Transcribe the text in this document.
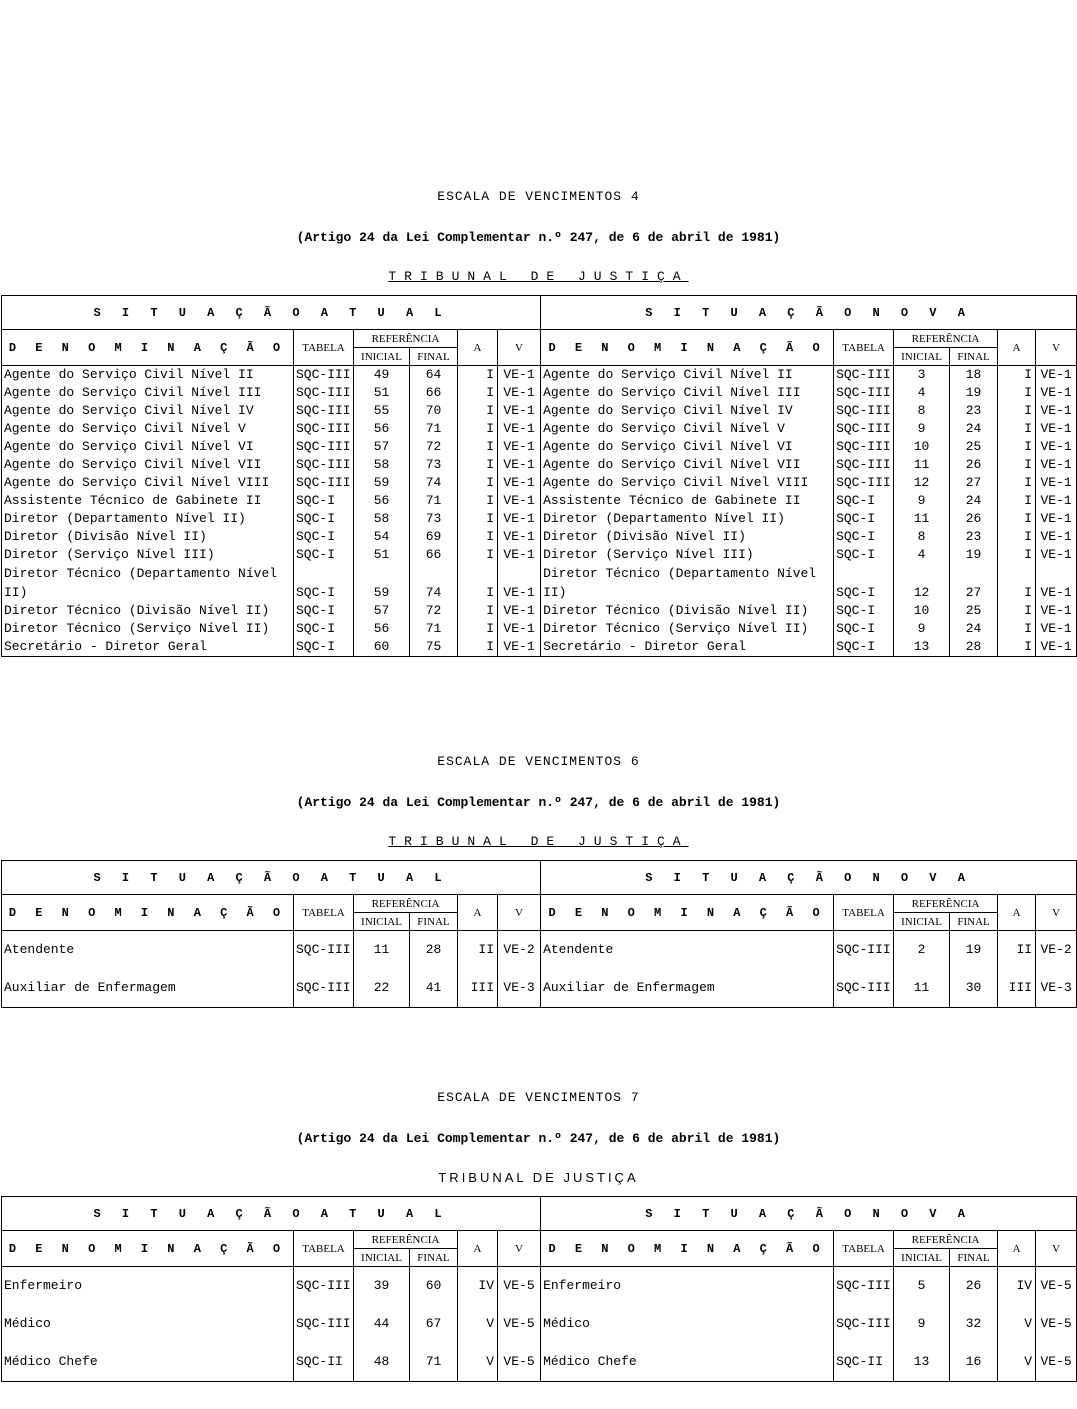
ESCALA DE VENCIMENTOS 4
(Artigo 24 da Lei Complementar n.º 247, de 6 de abril de 1981)
TRIBUNAL DE JUSTIÇA
S I T U A Ç Ã O A T U A L						S I T U A Ç Ã O N O V A					
D E N O M I N A Ç Ã O	TABELA	REFERÊNCIA		A	V	D E N O M I N A Ç Ã O	TABELA	REFERÊNCIA		A	V
		INICIAL	FINAL					INICIAL	FINAL		
Agente do Serviço Civil Nível II	SQC-III	49	64	I	VE-1	Agente do Serviço Civil Nível II	SQC-III	3	18	I	VE-1
Agente do Serviço Civil Nível III	SQC-III	51	66	I	VE-1	Agente do Serviço Civil Nível III	SQC-III	4	19	I	VE-1
Agente do Serviço Civil Nível IV	SQC-III	55	70	I	VE-1	Agente do Serviço Civil Nível IV	SQC-III	8	23	I	VE-1
Agente do Serviço Civil Nível V	SQC-III	56	71	I	VE-1	Agente do Serviço Civil Nível V	SQC-III	9	24	I	VE-1
Agente do Serviço Civil Nível VI	SQC-III	57	72	I	VE-1	Agente do Serviço Civil Nível VI	SQC-III	10	25	I	VE-1
Agente do Serviço Civil Nível VII	SQC-III	58	73	I	VE-1	Agente do Serviço Civil Nível VII	SQC-III	11	26	I	VE-1
Agente do Serviço Civil Nível VIII	SQC-III	59	74	I	VE-1	Agente do Serviço Civil Nível VIII	SQC-III	12	27	I	VE-1
Assistente Técnico de Gabinete II	SQC-I	56	71	I	VE-1	Assistente Técnico de Gabinete II	SQC-I	9	24	I	VE-1
Diretor (Departamento Nível II)	SQC-I	58	73	I	VE-1	Diretor (Departamento Nível II)	SQC-I	11	26	I	VE-1
Diretor (Divisão Nível II)	SQC-I	54	69	I	VE-1	Diretor (Divisão Nível II)	SQC-I	8	23	I	VE-1
Diretor (Serviço Nível III)	SQC-I	51	66	I	VE-1	Diretor (Serviço Nível III)	SQC-I	4	19	I	VE-1
Diretor Técnico (Departamento Nível II)	SQC-I	59	74	I	VE-1	Diretor Técnico (Departamento Nível II)	SQC-I	12	27	I	VE-1
Diretor Técnico (Divisão Nível II)	SQC-I	57	72	I	VE-1	Diretor Técnico (Divisão Nível II)	SQC-I	10	25	I	VE-1
Diretor Técnico (Serviço Nível II)	SQC-I	56	71	I	VE-1	Diretor Técnico (Serviço Nível II)	SQC-I	9	24	I	VE-1
Secretário - Diretor Geral	SQC-I	60	75	I	VE-1	Secretário - Diretor Geral	SQC-I	13	28	I	VE-1
ESCALA DE VENCIMENTOS 6
(Artigo 24 da Lei Complementar n.º 247, de 6 de abril de 1981)
TRIBUNAL DE JUSTIÇA
S I T U A Ç Ã O A T U A L						S I T U A Ç Ã O N O V A					
D E N O M I N A Ç Ã O	TABELA	REFERÊNCIA		A	V	D E N O M I N A Ç Ã O	TABELA	REFERÊNCIA		A	V
		INICIAL	FINAL					INICIAL	FINAL		
Atendente	SQC-III	11	28	II	VE-2	Atendente	SQC-III	2	19	II	VE-2
Auxiliar de Enfermagem	SQC-III	22	41	III	VE-3	Auxiliar de Enfermagem	SQC-III	11	30	III	VE-3
ESCALA DE VENCIMENTOS 7
(Artigo 24 da Lei Complementar n.º 247, de 6 de abril de 1981)
TRIBUNAL DE JUSTIÇA
S I T U A Ç Ã O A T U A L						S I T U A Ç Ã O N O V A					
D E N O M I N A Ç Ã O	TABELA	REFERÊNCIA		A	V	D E N O M I N A Ç Ã O	TABELA	REFERÊNCIA		A	V
		INICIAL	FINAL					INICIAL	FINAL		
Enfermeiro	SQC-III	39	60	IV	VE-5	Enfermeiro	SQC-III	5	26	IV	VE-5
Médico	SQC-III	44	67	V	VE-5	Médico	SQC-III	9	32	V	VE-5
Médico Chefe	SQC-II	48	71	V	VE-5	Médico Chefe	SQC-II	13	16	V	VE-5
